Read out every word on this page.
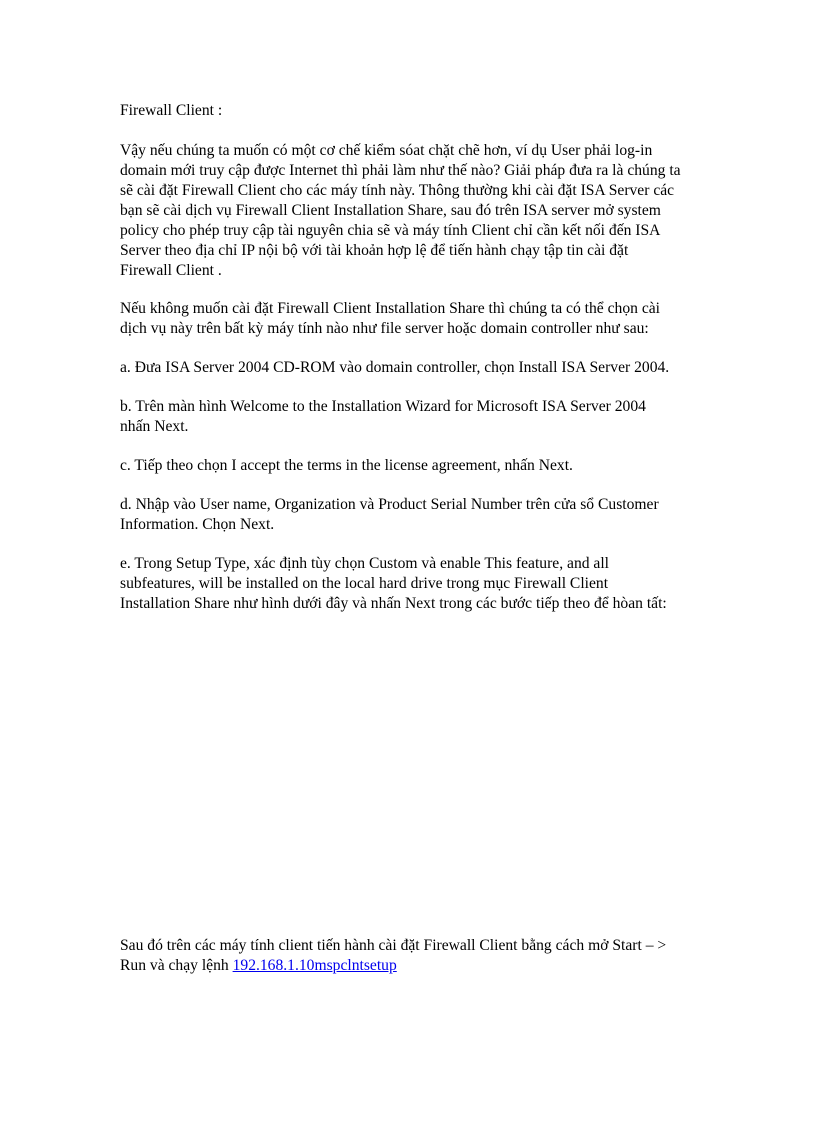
Firewall Client :

Vậy nếu chúng ta muốn có một cơ chế kiểm sóat chặt chẽ hơn, ví dụ User phải log-in
domain mới truy cập được Internet thì phải làm như thế nào? Giải pháp đưa ra là chúng ta
sẽ cài đặt Firewall Client cho các máy tính này. Thông thường khi cài đặt ISA Server các
bạn sẽ cài dịch vụ Firewall Client Installation Share, sau đó trên ISA server mở system
policy cho phép truy cập tài nguyên chia sẽ và máy tính Client chỉ cần kết nối đến ISA
Server theo địa chỉ IP nội bộ với tài khoản hợp lệ để tiến hành chạy tập tin cài đặt
Firewall Client .

Nếu không muốn cài đặt Firewall Client Installation Share thì chúng ta có thể chọn cài
dịch vụ này trên bất kỳ máy tính nào như file server hoặc domain controller như sau:

a. Đưa ISA Server 2004 CD-ROM vào domain controller, chọn Install ISA Server 2004.

b. Trên màn hình Welcome to the Installation Wizard for Microsoft ISA Server 2004
nhấn Next.

c. Tiếp theo chọn I accept the terms in the license agreement, nhấn Next.

d. Nhập vào User name, Organization và Product Serial Number trên cửa sổ Customer
Information. Chọn Next.

e. Trong Setup Type, xác định tùy chọn Custom và enable This feature, and all
subfeatures, will be installed on the local hard drive trong mục Firewall Client
Installation Share như hình dưới đây và nhấn Next trong các bước tiếp theo để hòan tất:

Sau đó trên các máy tính client tiến hành cài đặt Firewall Client bằng cách mở Start – >
Run và chạy lệnh 192.168.1.10mspclntsetup
